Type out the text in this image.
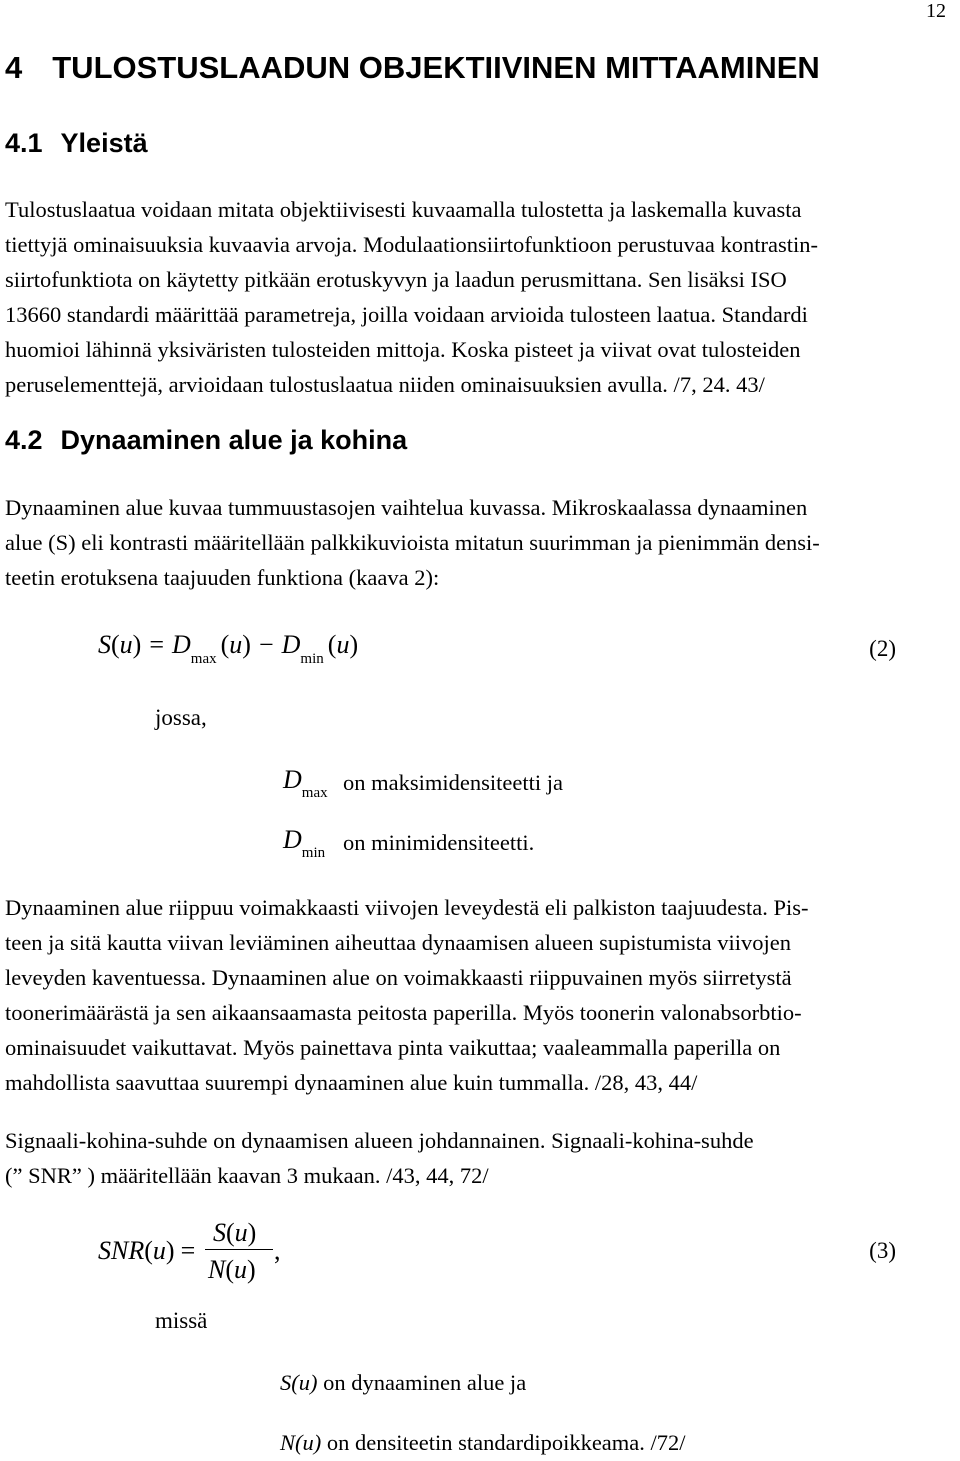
12
4 TULOSTUSLAADUN OBJEKTIIVINEN MITTAAMINEN
4.1 Yleistä
Tulostuslaatua voidaan mitata objektiivisesti kuvaamalla tulostetta ja laskemalla kuvasta
tiettyjä ominaisuuksia kuvaavia arvoja. Modulaationsiirtofunktioon perustuvaa kontrastin-
siirtofunktiota on käytetty pitkään erotuskyvyn ja laadun perusmittana. Sen lisäksi ISO
13660 standardi määrittää parametreja, joilla voidaan arvioida tulosteen laatua. Standardi
huomioi lähinnä yksiväristen tulosteiden mittoja. Koska pisteet ja viivat ovat tulosteiden
peruselementtejä, arvioidaan tulostuslaatua niiden ominaisuuksien avulla. /7, 24. 43/
4.2 Dynaaminen alue ja kohina
Dynaaminen alue kuvaa tummuustasojen vaihtelua kuvassa. Mikroskaalassa dynaaminen
alue (S) eli kontrasti määritellään palkkikuvioista mitatun suurimman ja pienimmän densi-
teetin erotuksena taajuuden funktiona (kaava 2):
$S(u) = D_{max}$ $(u) - D_{min}$ (u)	(2)
jossa,
$D_{max}$ on maksimidensiteetti ja
$D_{min}$ on minimidensiteetti.
Dynaaminen alue riippuu voimakkaasti viivojen leveydestä eli palkiston taajuudesta. Pis-
teen ja sitä kautta viivan leviäminen aiheuttaa dynaamisen alueen supistumista viivojen
leveyden kaventuessa. Dynaaminen alue on voimakkaasti riippuvainen myös siirretystä
toonerimäärästä ja sen aikaansaamasta peitosta paperilla. Myös toonerin valonabsorbtio-
ominaisuudet vaikuttavat. Myös painettava pinta vaikuttaa; vaaleammalla paperilla on
mahdollista saavuttaa suurempi dynaaminen alue kuin tummalla. /28, 43, 44/
Signaali-kohina-suhde on dynaamisen alueen johdannainen. Signaali-kohina-suhde
(” SNR” ) määritellään kaavan 3 mukaan. /43, 44, 72/
SNR(u) =
S(u)
N(u)
,	(3)
missä
S(u) on dynaaminen alue ja
N(u) on densiteetin standardipoikkeama. /72/
